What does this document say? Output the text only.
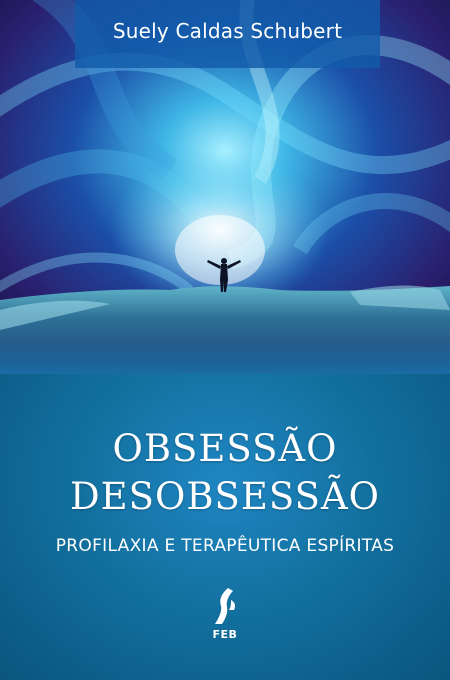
Suely Caldas Schubert
OBSESSÃO
DESOBSESSÃO
PROFILAXIA E TERAPÊUTICA ESPÍRITAS
FEB
